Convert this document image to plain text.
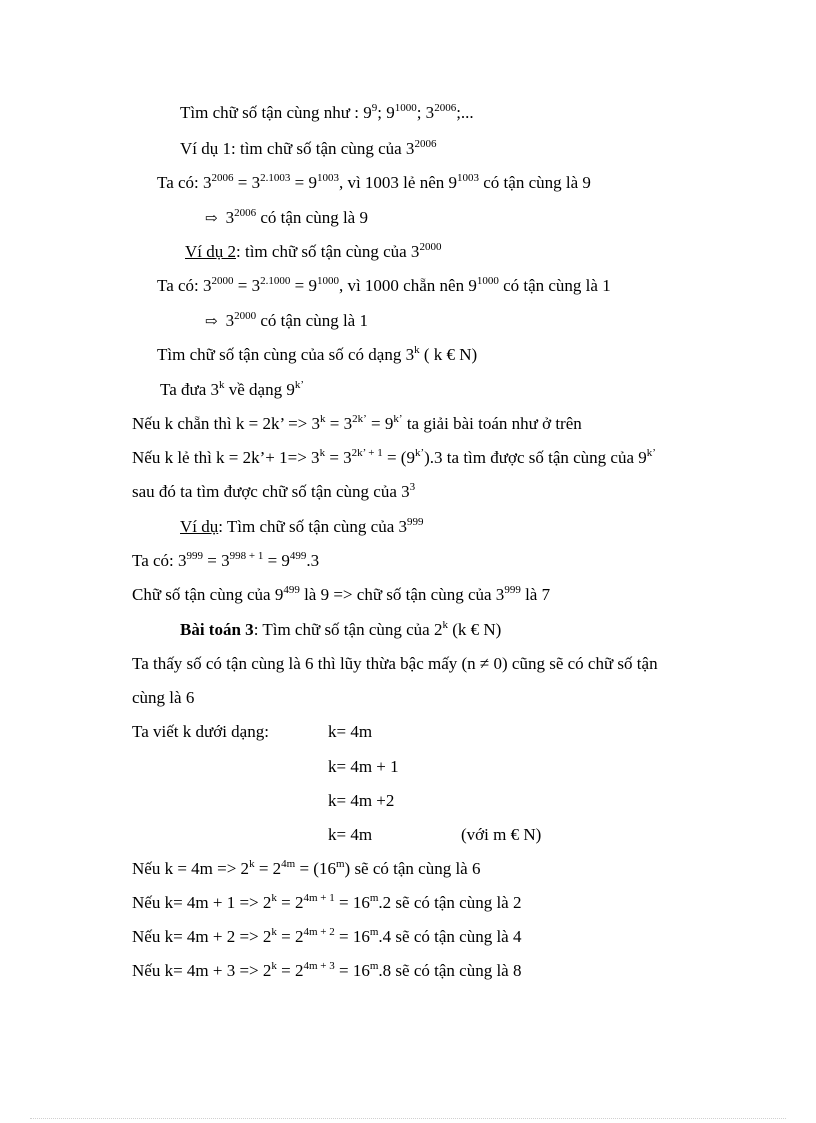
Tìm chữ số tận cùng như : $9^9$; $9^{1000}$; $3^{2006}$;...
Ví dụ 1: tìm chữ số tận cùng của $3^{2006}$
Ta có: $3^{2006} = 3^{2.1003} = 9^{1003}$, vì 1003 lẻ nên $9^{1003}$ có tận cùng là 9
⇨ $3^{2006}$ có tận cùng là 9
Ví dụ 2: tìm chữ số tận cùng của $3^{2000}$
Ta có: $3^{2000} = 3^{2.1000} = 9^{1000}$, vì 1000 chẵn nên $9^{1000}$ có tận cùng là 1
⇨ $3^{2000}$ có tận cùng là 1
Tìm chữ số tận cùng của số có dạng 3$^k$ ( k € N)
Ta đưa 3$^k$ về dạng $9^{k’}$
Nếu k chẵn thì k = 2k’ => $3^k = 3^{2k’} = 9^{k’}$ ta giải bài toán như ở trên
Nếu k lẻ thì k = 2k’+ $1=> 3^k = 3^{2k’ + 1} = (9^{k’}).3$ ta tìm được số tận cùng của $9^{k’}$
sau đó ta tìm được chữ số tận cùng của $3^3$
Ví dụ: Tìm chữ số tận cùng của $3^{999}$
Ta có: $3^{999} = 3^{998 + 1} = 9^{499}.3$
Chữ số tận cùng của $9^{499}$ là 9 => chữ số tận cùng của $3^{999}$ là 7
Bài toán 3: Tìm chữ số tận cùng của 2$^k$ (k € N)
Ta thấy số có tận cùng là 6 thì lũy thừa bậc mấy (n ≠ 0) cũng sẽ có chữ số tận
cùng là 6
Ta viết k dưới dạng:	k= 4m
k= 4m + 1
k= 4m +2
k= 4m	(với m € N)
Nếu $k = 4m => 2^k = 2^{4m} = (16^m)$ sẽ có tận cùng là 6
Nếu $k= 4m + 1 => 2^k = 2^{4m + 1} = 16^m.2$ sẽ có tận cùng là 2
Nếu $k= 4m + 2 => 2^k = 2^{4m + 2} = 16^m.4$ sẽ có tận cùng là 4
Nếu $k= 4m + 3 => 2^k = 2^{4m + 3} = 16^m.8$ sẽ có tận cùng là 8
